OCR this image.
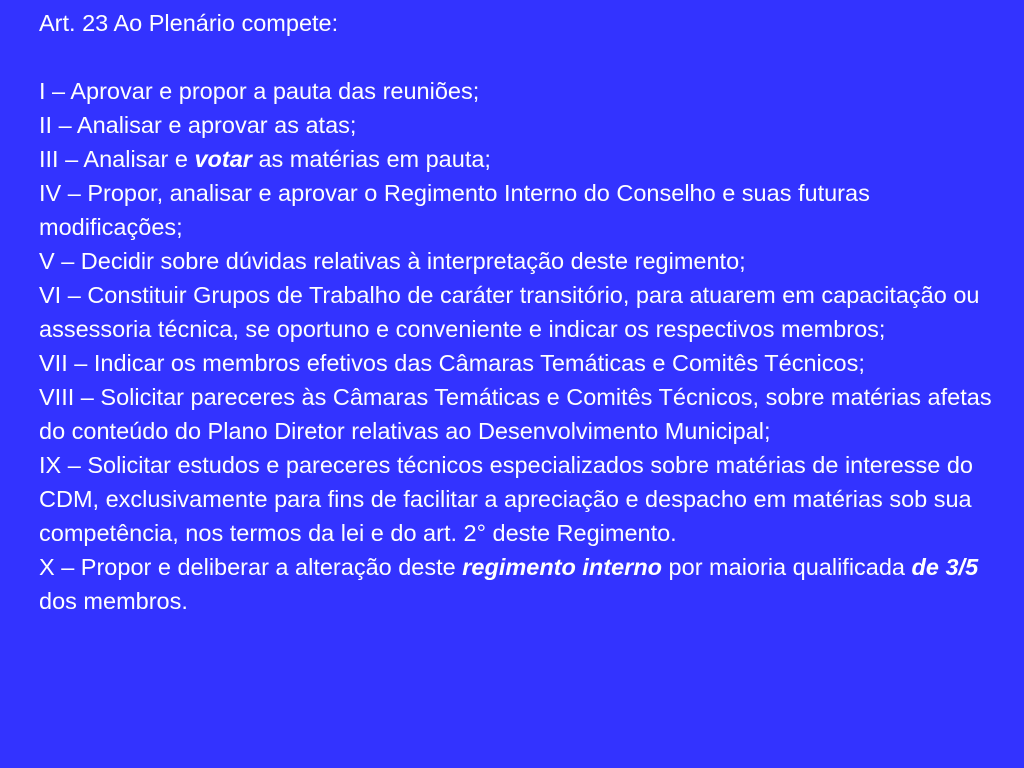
Art. 23 Ao Plenário compete:

I – Aprovar e propor a pauta das reuniões;

II – Analisar e aprovar as atas;

III – Analisar e votar as matérias em pauta;

IV – Propor, analisar e aprovar o Regimento Interno do Conselho e suas futuras modificações;

V – Decidir sobre dúvidas relativas à interpretação deste regimento;

VI – Constituir Grupos de Trabalho de caráter transitório, para atuarem em capacitação ou assessoria técnica, se oportuno e conveniente e indicar os respectivos membros;

VII – Indicar os membros efetivos das Câmaras Temáticas e Comitês Técnicos;

VIII – Solicitar pareceres às Câmaras Temáticas e Comitês Técnicos, sobre matérias afetas do conteúdo do Plano Diretor relativas ao Desenvolvimento Municipal;

IX – Solicitar estudos e pareceres técnicos especializados sobre matérias de interesse do CDM, exclusivamente para fins de facilitar a apreciação e despacho em matérias sob sua competência, nos termos da lei e do art. 2° deste Regimento.

X – Propor e deliberar a alteração deste regimento interno por maioria qualificada de 3/5 dos membros.
